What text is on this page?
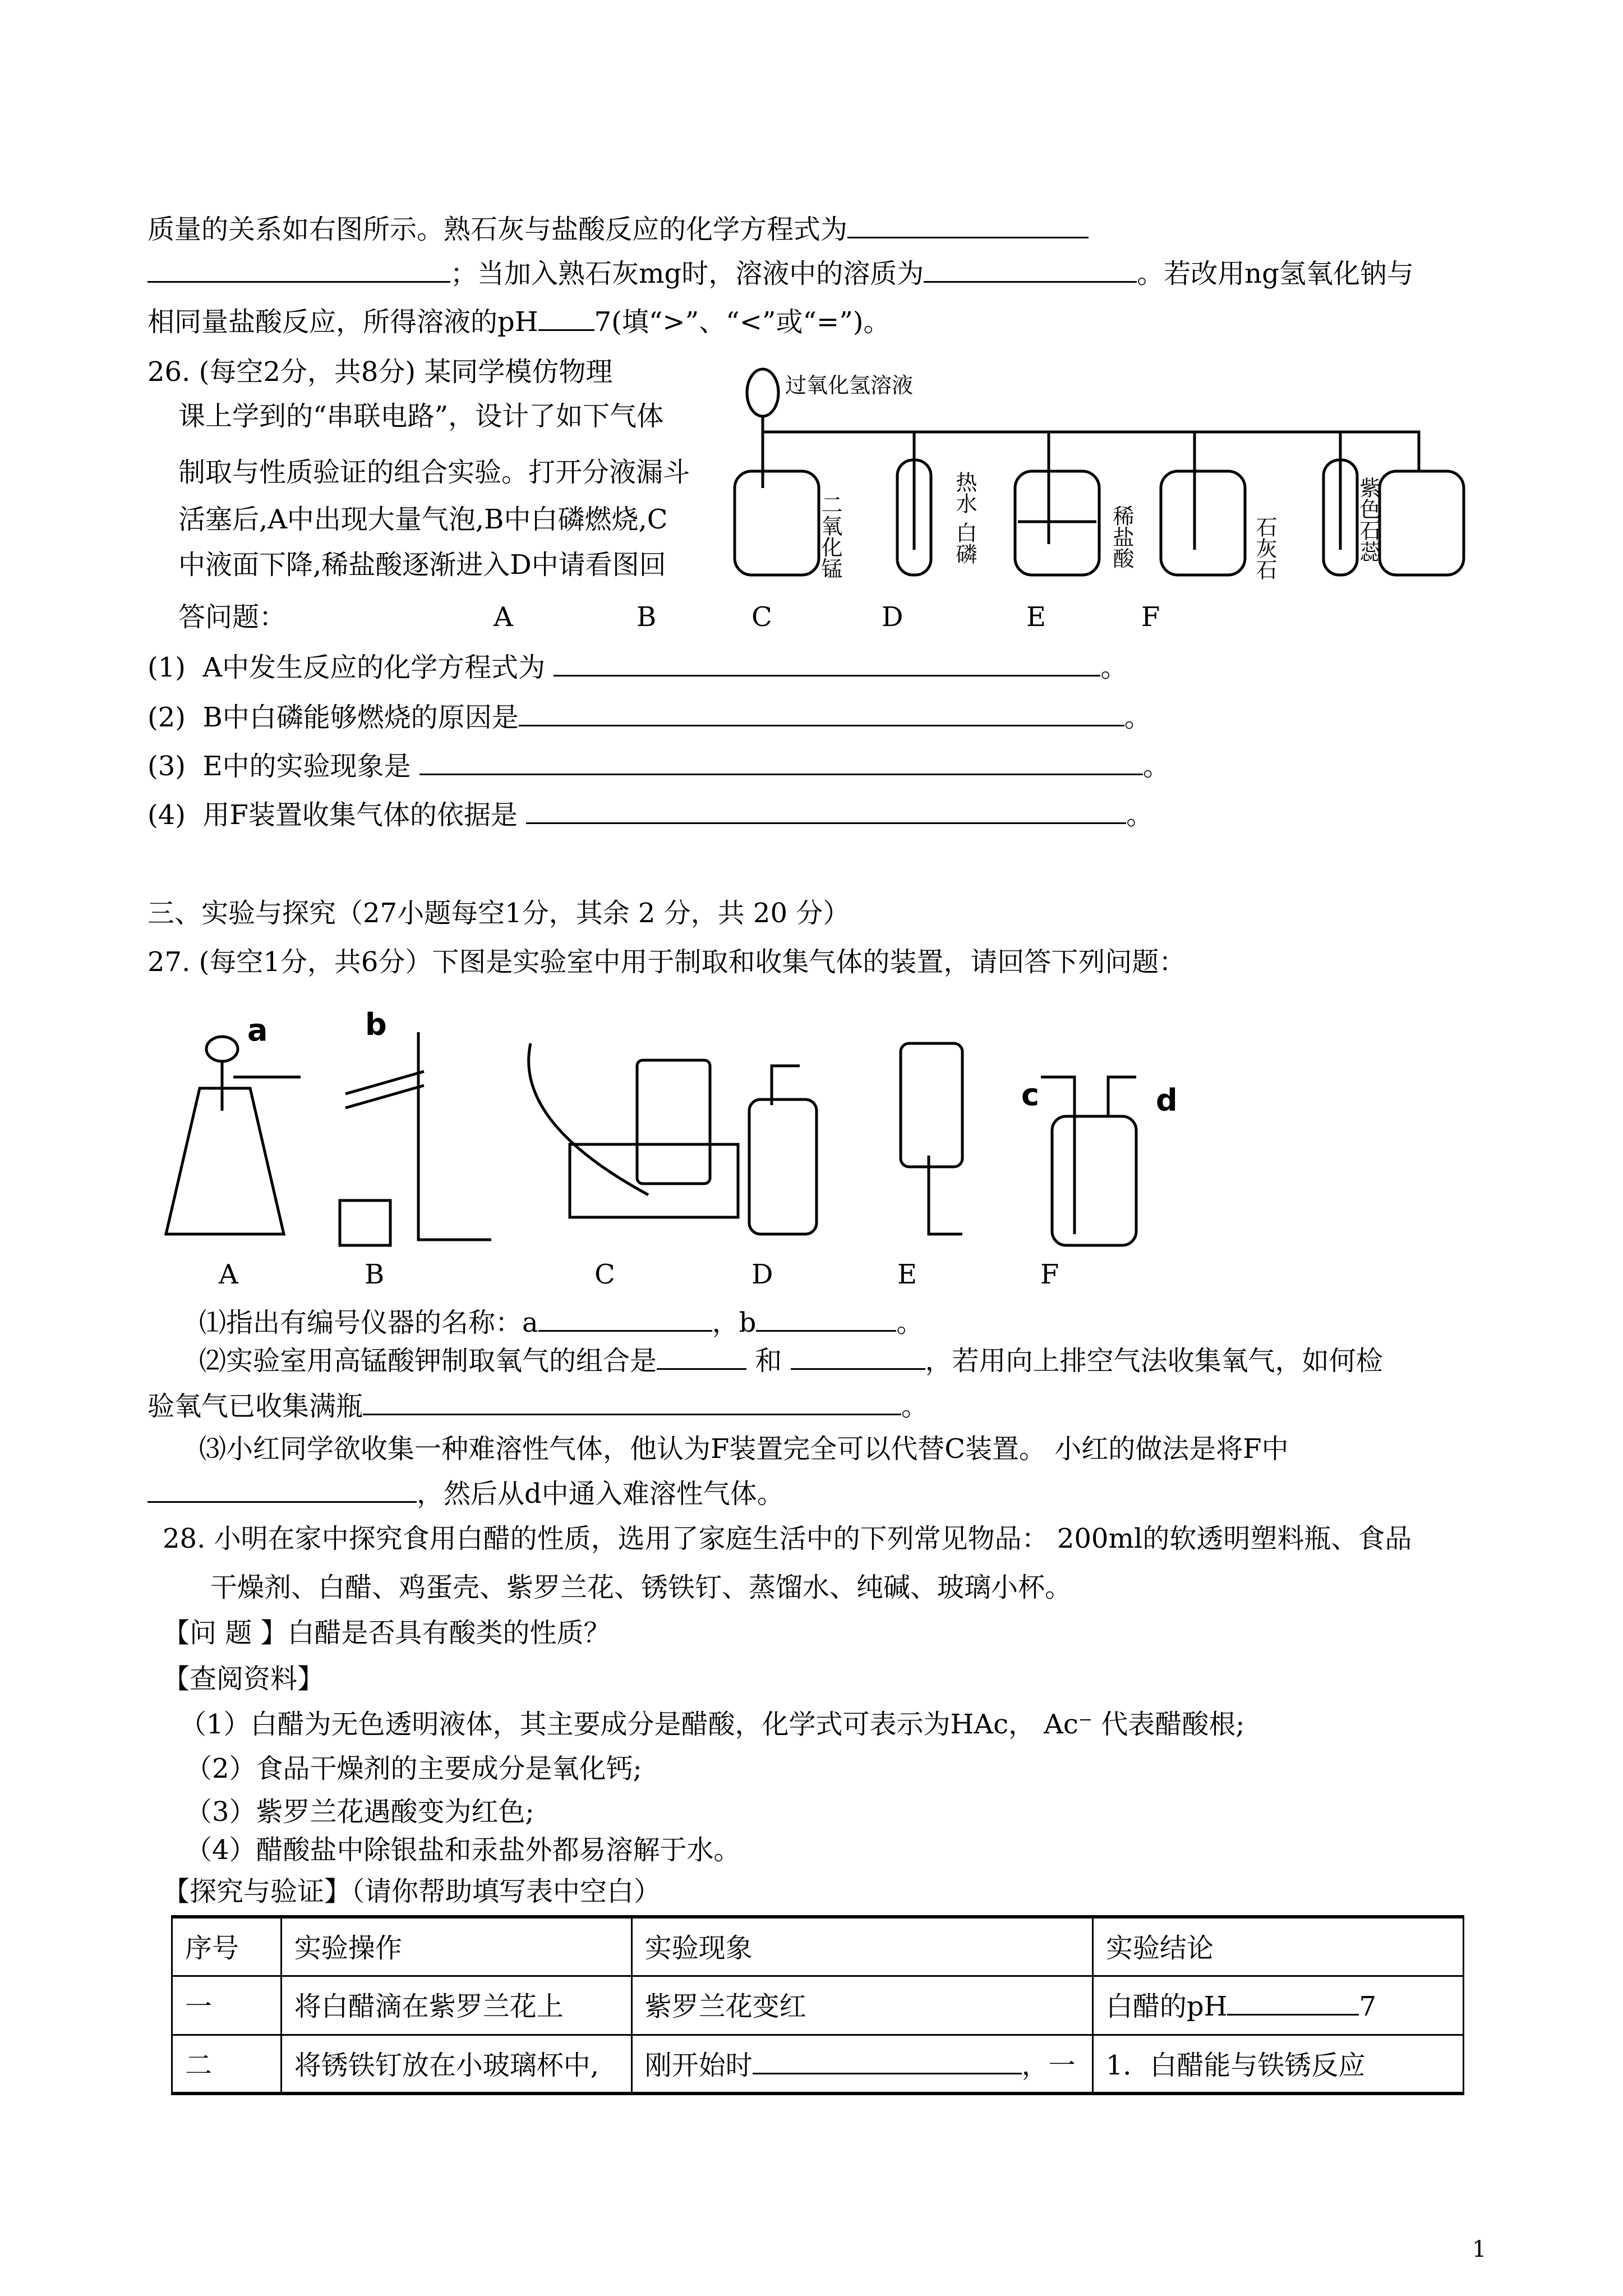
质量的关系如右图所示。熟石灰与盐酸反应的化学方程式为
；当加入熟石灰mg时，溶液中的溶质为	。若改用ng氢氧化钠与
相同量盐酸反应，所得溶液的pH 7(填“>”、“<”或“=”)。
26. (每空2分，共8分) 某同学模仿物理
课上学到的“串联电路”，设计了如下气体
制取与性质验证的组合实验。打开分液漏斗
活塞后,A中出现大量气泡,B中白磷燃烧,C
中液面下降,稀盐酸逐渐进入D中请看图回
答问题：	A	B	C	D	E	F
过氧化氢溶液
二氧化锰
热水
白磷	稀盐酸	石灰石	紫色石蕊
(1) A中发生反应的化学方程式为	。
(2) B中白磷能够燃烧的原因是	。
(3) E中的实验现象是	。
(4) 用F装置收集气体的依据是	。
三、实验与探究（27小题每空1分，其余 2 分，共 20 分）
27. (每空1分，共6分）下图是实验室中用于制取和收集气体的装置，请回答下列问题：
a	b
c	d
A	B	C	D	E	F
⑴指出有编号仪器的名称：a	，b	。
⑵实验室用高锰酸钾制取氧气的组合是	和	，若用向上排空气法收集氧气，如何检
验氧气已收集满瓶	。
⑶小红同学欲收集一种难溶性气体，他认为F装置完全可以代替C装置。 小红的做法是将F中
，然后从d中通入难溶性气体。
28. 小明在家中探究食用白醋的性质，选用了家庭生活中的下列常见物品： 200ml的软透明塑料瓶、食品
干燥剂、白醋、鸡蛋壳、紫罗兰花、锈铁钉、蒸馏水、纯碱、玻璃小杯。
【问 题 】白醋是否具有酸类的性质？
【查阅资料】
（1）白醋为无色透明液体，其主要成分是醋酸，化学式可表示为HAc， Ac⁻ 代表醋酸根;
（2）食品干燥剂的主要成分是氧化钙;
（3）紫罗兰花遇酸变为红色;
（4）醋酸盐中除银盐和汞盐外都易溶解于水。
【探究与验证】（请你帮助填写表中空白）
序号	实验操作	实验现象	实验结论
一	将白醋滴在紫罗兰花上	紫罗兰花变红	白醋的pH 7
二	将锈铁钉放在小玻璃杯中,	刚开始时 ，一	1．白醋能与铁锈反应
1
